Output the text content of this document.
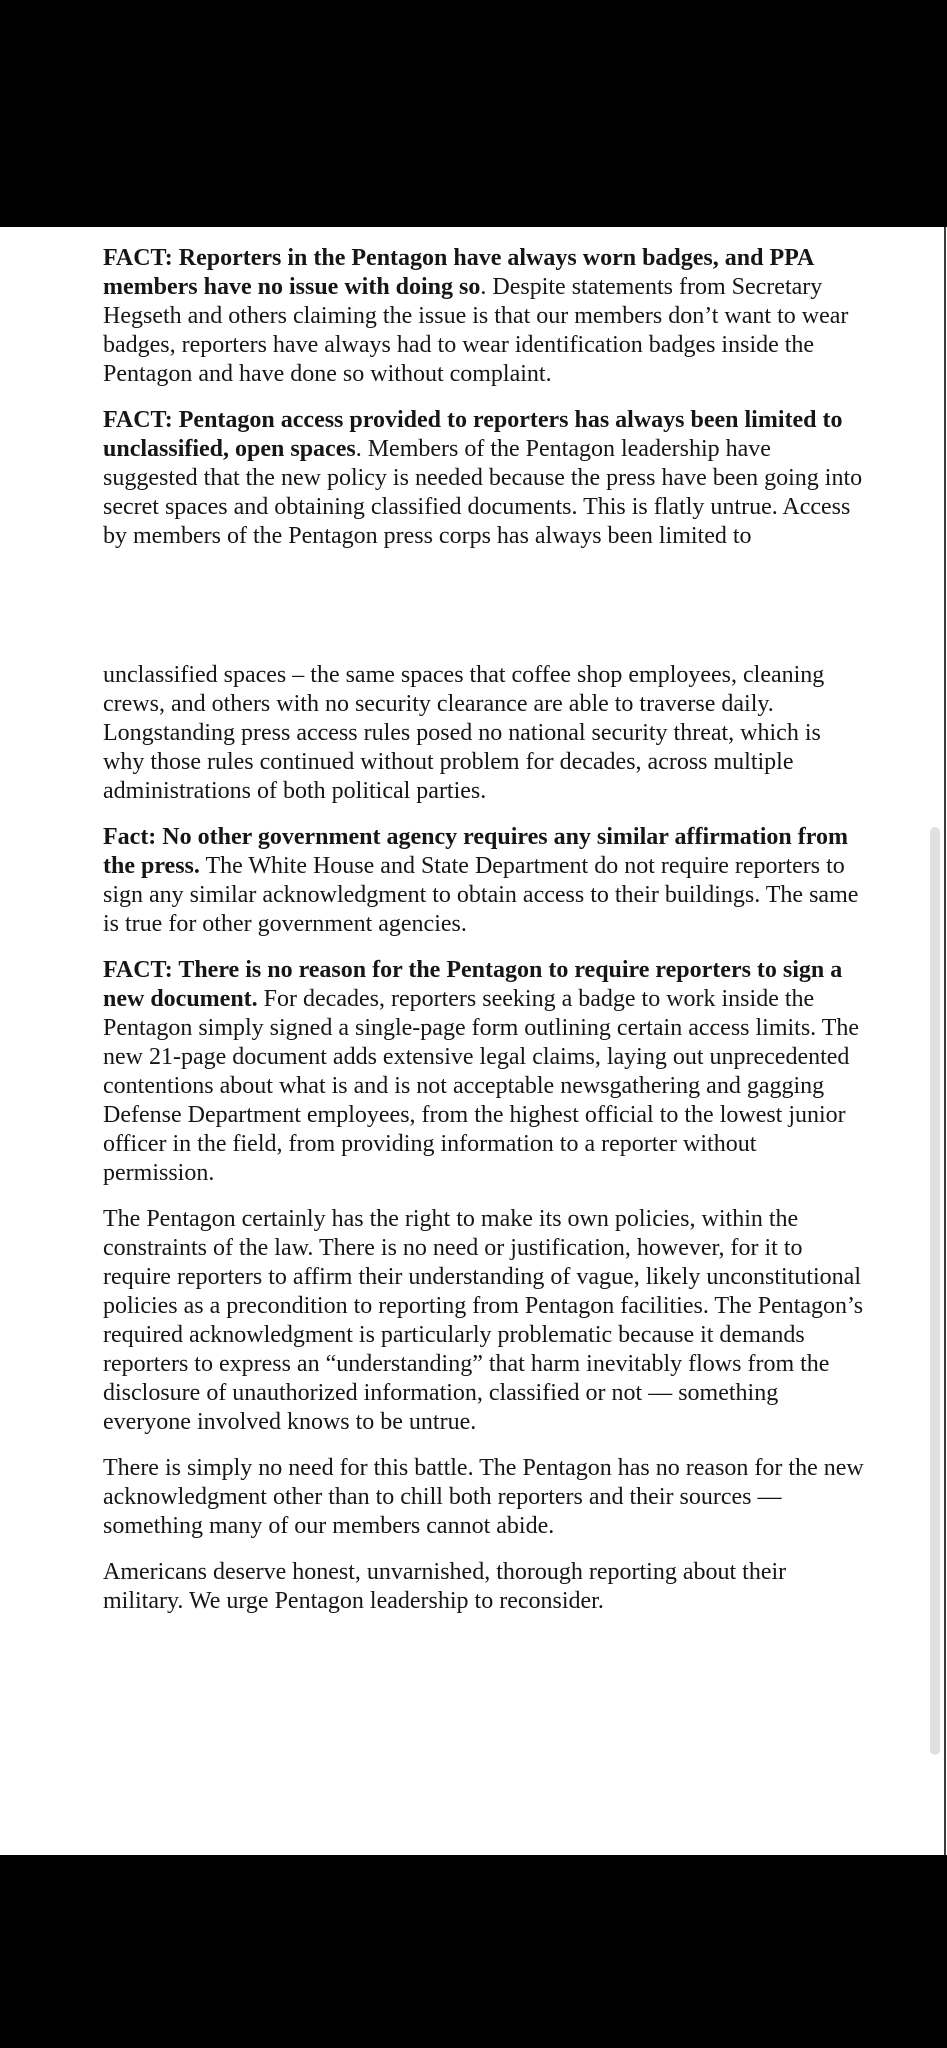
FACT: Reporters in the Pentagon have always worn badges, and PPA members have no issue with doing so. Despite statements from Secretary Hegseth and others claiming the issue is that our members don’t want to wear badges, reporters have always had to wear identification badges inside the Pentagon and have done so without complaint.
FACT: Pentagon access provided to reporters has always been limited to unclassified, open spaces. Members of the Pentagon leadership have suggested that the new policy is needed because the press have been going into secret spaces and obtaining classified documents. This is flatly untrue. Access by members of the Pentagon press corps has always been limited to
unclassified spaces – the same spaces that coffee shop employees, cleaning crews, and others with no security clearance are able to traverse daily. Longstanding press access rules posed no national security threat, which is why those rules continued without problem for decades, across multiple administrations of both political parties.
Fact: No other government agency requires any similar affirmation from the press. The White House and State Department do not require reporters to sign any similar acknowledgment to obtain access to their buildings. The same is true for other government agencies.
FACT: There is no reason for the Pentagon to require reporters to sign a new document. For decades, reporters seeking a badge to work inside the Pentagon simply signed a single-page form outlining certain access limits. The new 21-page document adds extensive legal claims, laying out unprecedented contentions about what is and is not acceptable newsgathering and gagging Defense Department employees, from the highest official to the lowest junior officer in the field, from providing information to a reporter without permission.
The Pentagon certainly has the right to make its own policies, within the constraints of the law. There is no need or justification, however, for it to require reporters to affirm their understanding of vague, likely unconstitutional policies as a precondition to reporting from Pentagon facilities. The Pentagon’s required acknowledgment is particularly problematic because it demands reporters to express an “understanding” that harm inevitably flows from the disclosure of unauthorized information, classified or not — something everyone involved knows to be untrue.
There is simply no need for this battle. The Pentagon has no reason for the new acknowledgment other than to chill both reporters and their sources — something many of our members cannot abide.
Americans deserve honest, unvarnished, thorough reporting about their military. We urge Pentagon leadership to reconsider.
